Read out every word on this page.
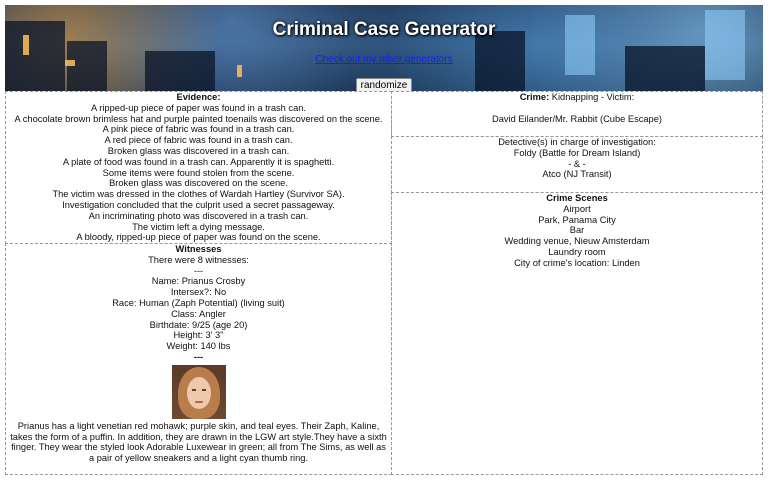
Criminal Case Generator
Check out my other generators
randomize
Evidence:
A ripped-up piece of paper was found in a trash can.
A chocolate brown brimless hat and purple painted toenails was discovered on the scene.
A pink piece of fabric was found in a trash can.
A red piece of fabric was found in a trash can.
Broken glass was discovered in a trash can.
A plate of food was found in a trash can. Apparently it is spaghetti.
Some items were found stolen from the scene.
Broken glass was discovered on the scene.
The victim was dressed in the clothes of Wardah Hartley (Survivor SA).
Investigation concluded that the culprit used a secret passageway.
An incriminating photo was discovered in a trash can.
The victim left a dying message.
A bloody, ripped-up piece of paper was found on the scene.
Witnesses
There were 8 witnesses:
---
Name: Prianus Crosby
Intersex?: No
Race: Human (Zaph Potential) (living suit)
Class: Angler
Birthdate: 9/25 (age 20)
Height: 3' 3"
Weight: 140 lbs
---
Prianus has a light venetian red mohawk; purple skin, and teal eyes. Their Zaph, Kaline, takes the form of a puffin. In addition, they are drawn in the LGW art style.They have a sixth finger. They wear the styled look Adorable Luxewear in green; all from The Sims, as well as a pair of yellow sneakers and a light cyan thumb ring.
Crime: Kidnapping - Victim:

David Eilander/Mr. Rabbit (Cube Escape)
Detective(s) in charge of investigation:
Foldy (Battle for Dream Island)
- & -
Atco (NJ Transit)
Crime Scenes
Airport
Park, Panama City
Bar
Wedding venue, Nieuw Amsterdam
Laundry room
City of crime's location: Linden
